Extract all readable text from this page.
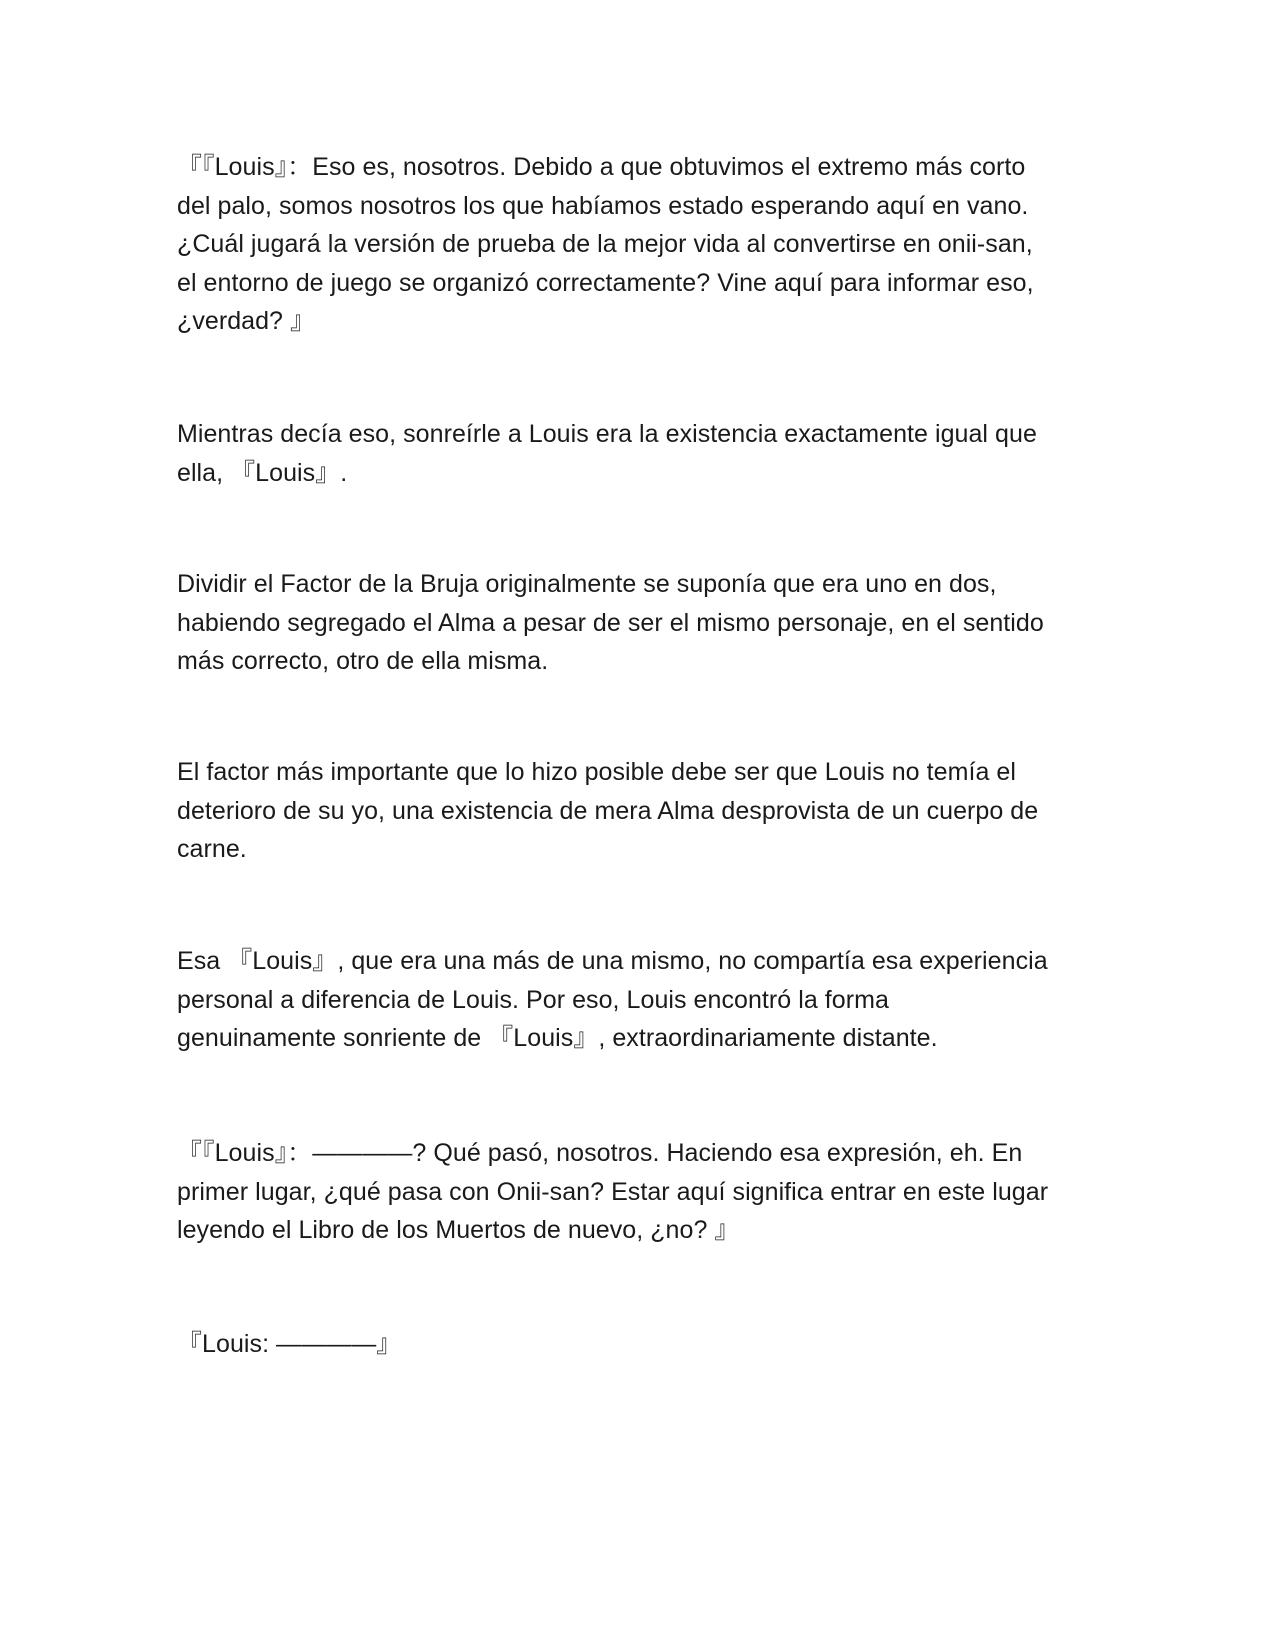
『『Louis』：Eso es, nosotros. Debido a que obtuvimos el extremo más corto
del palo, somos nosotros los que habíamos estado esperando aquí en vano.
¿Cuál jugará la versión de prueba de la mejor vida al convertirse en onii-san,
el entorno de juego se organizó correctamente? Vine aquí para informar eso,
¿verdad? 』

Mientras decía eso, sonreírle a Louis era la existencia exactamente igual que
ella, 『Louis』.

Dividir el Factor de la Bruja originalmente se suponía que era uno en dos,
habiendo segregado el Alma a pesar de ser el mismo personaje, en el sentido
más correcto, otro de ella misma.

El factor más importante que lo hizo posible debe ser que Louis no temía el
deterioro de su yo, una existencia de mera Alma desprovista de un cuerpo de
carne.

Esa 『Louis』, que era una más de una mismo, no compartía esa experiencia
personal a diferencia de Louis. Por eso, Louis encontró la forma
genuinamente sonriente de 『Louis』, extraordinariamente distante.

『『Louis』：————? Qué pasó, nosotros. Haciendo esa expresión, eh. En
primer lugar, ¿qué pasa con Onii-san? Estar aquí significa entrar en este lugar
leyendo el Libro de los Muertos de nuevo, ¿no? 』

『Louis: ————』
